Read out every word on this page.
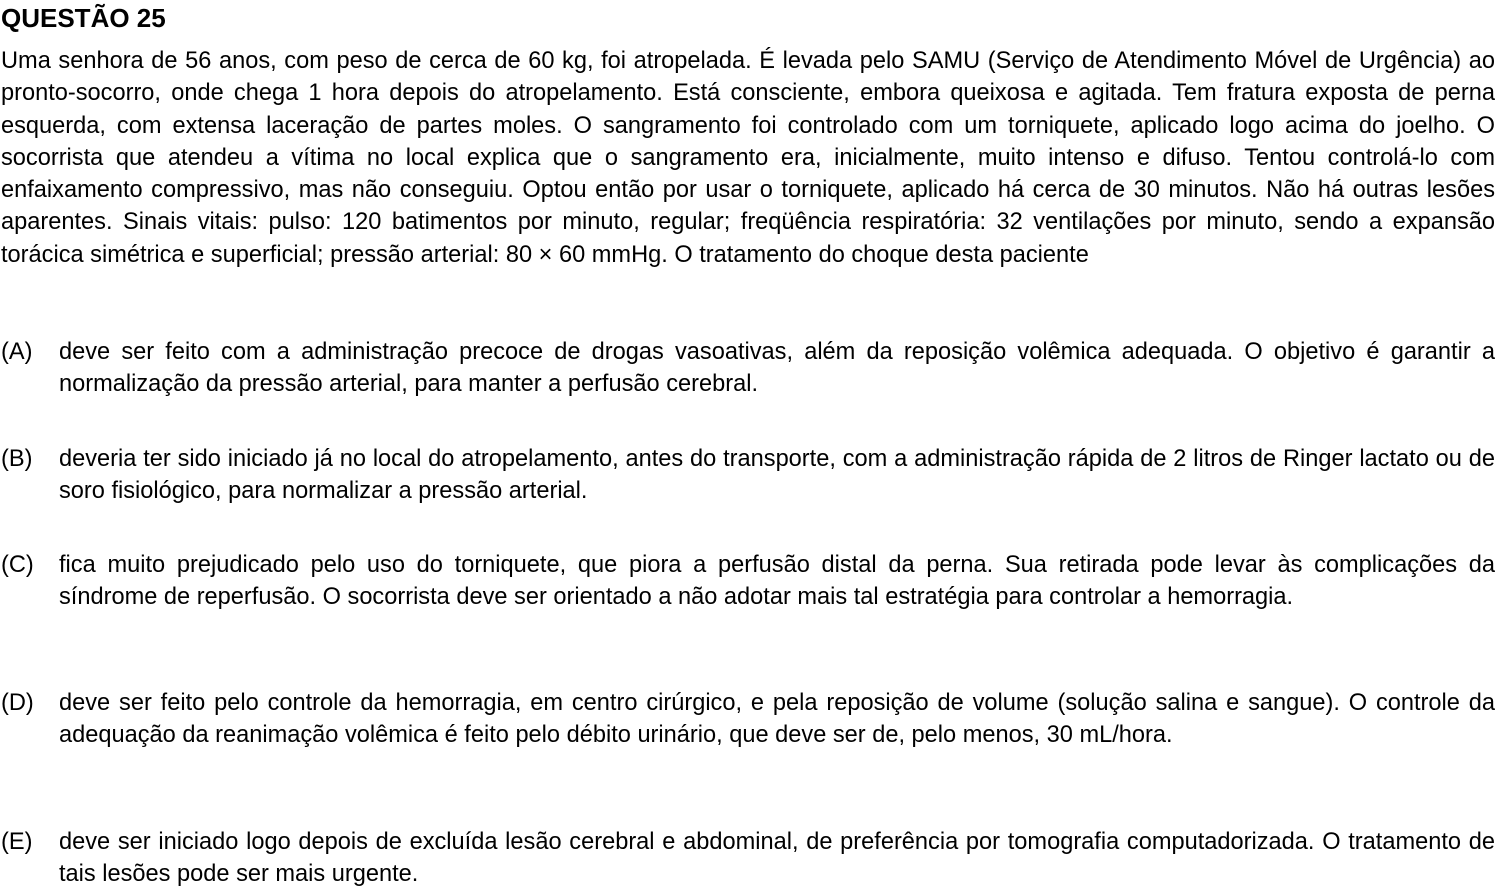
QUESTÃO 25

Uma senhora de 56 anos, com peso de cerca de 60 kg, foi atropelada. É levada pelo SAMU (Serviço de Atendimento Móvel de Urgência) ao pronto-socorro, onde chega 1 hora depois do atropelamento. Está consciente, embora queixosa e agitada. Tem fratura exposta de perna esquerda, com extensa laceração de partes moles. O sangramento foi controlado com um torniquete, aplicado logo acima do joelho. O socorrista que atendeu a vítima no local explica que o sangramento era, inicialmente, muito intenso e difuso. Tentou controlá-lo com enfaixamento compressivo, mas não conseguiu. Optou então por usar o torniquete, aplicado há cerca de 30 minutos. Não há outras lesões aparentes. Sinais vitais: pulso: 120 batimentos por minuto, regular; freqüência respiratória: 32 ventilações por minuto, sendo a expansão torácica simétrica e superficial; pressão arterial: 80 × 60 mmHg. O tratamento do choque desta paciente

(A) deve ser feito com a administração precoce de drogas vasoativas, além da reposição volêmica adequada. O objetivo é garantir a normalização da pressão arterial, para manter a perfusão cerebral.
(B) deveria ter sido iniciado já no local do atropelamento, antes do transporte, com a administração rápida de 2 litros de Ringer lactato ou de soro fisiológico, para normalizar a pressão arterial.
(C) fica muito prejudicado pelo uso do torniquete, que piora a perfusão distal da perna. Sua retirada pode levar às complicações da síndrome de reperfusão. O socorrista deve ser orientado a não adotar mais tal estratégia para controlar a hemorragia.
(D) deve ser feito pelo controle da hemorragia, em centro cirúrgico, e pela reposição de volume (solução salina e sangue). O controle da adequação da reanimação volêmica é feito pelo débito urinário, que deve ser de, pelo menos, 30 mL/hora.
(E) deve ser iniciado logo depois de excluída lesão cerebral e abdominal, de preferência por tomografia computadorizada. O tratamento de tais lesões pode ser mais urgente.
